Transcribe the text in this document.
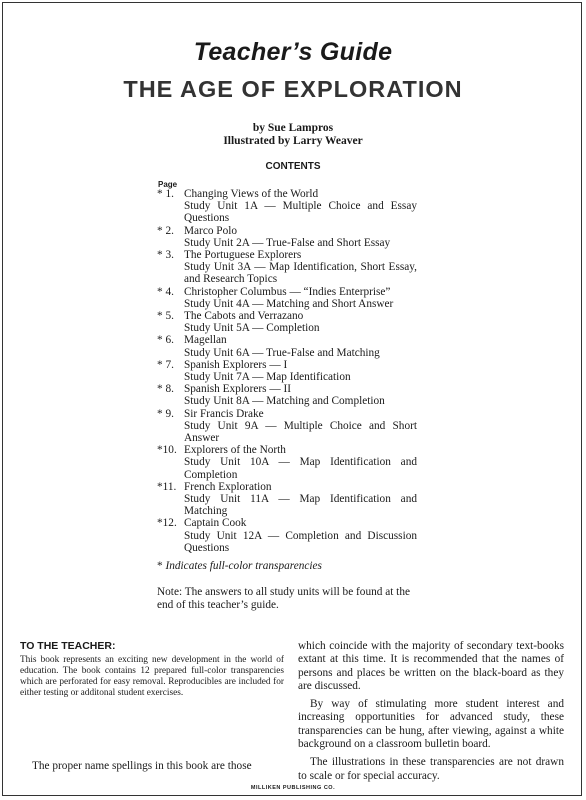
Teacher’s Guide
THE AGE OF EXPLORATION
by Sue Lampros
Illustrated by Larry Weaver
CONTENTS
Page
* 1. Changing Views of the World
Study Unit 1A — Multiple Choice and Essay Questions
* 2. Marco Polo
Study Unit 2A — True-False and Short Essay
* 3. The Portuguese Explorers
Study Unit 3A — Map Identification, Short Essay, and Research Topics
* 4. Christopher Columbus — “Indies Enterprise”
Study Unit 4A — Matching and Short Answer
* 5. The Cabots and Verrazano
Study Unit 5A — Completion
* 6. Magellan
Study Unit 6A — True-False and Matching
* 7. Spanish Explorers — I
Study Unit 7A — Map Identification
* 8. Spanish Explorers — II
Study Unit 8A — Matching and Completion
* 9. Sir Francis Drake
Study Unit 9A — Multiple Choice and Short Answer
*10. Explorers of the North
Study Unit 10A — Map Identification and Completion
*11. French Exploration
Study Unit 11A — Map Identification and Matching
*12. Captain Cook
Study Unit 12A — Completion and Discussion Questions
* Indicates full-color transparencies
Note: The answers to all study units will be found at the end of this teacher’s guide.
TO THE TEACHER:
This book represents an exciting new development in the world of education. The book contains 12 prepared full-color transparencies which are perforated for easy removal. Reproducibles are included for either testing or additonal student exercises.
The proper name spellings in this book are those

which coincide with the majority of secondary text-books extant at this time. It is recommended that the names of persons and places be written on the black-board as they are discussed.

By way of stimulating more student interest and increasing opportunities for advanced study, these transparencies can be hung, after viewing, against a white background on a classroom bulletin board.

The illustrations in these transparencies are not drawn to scale or for special accuracy.

MILLIKEN PUBLISHING CO.
